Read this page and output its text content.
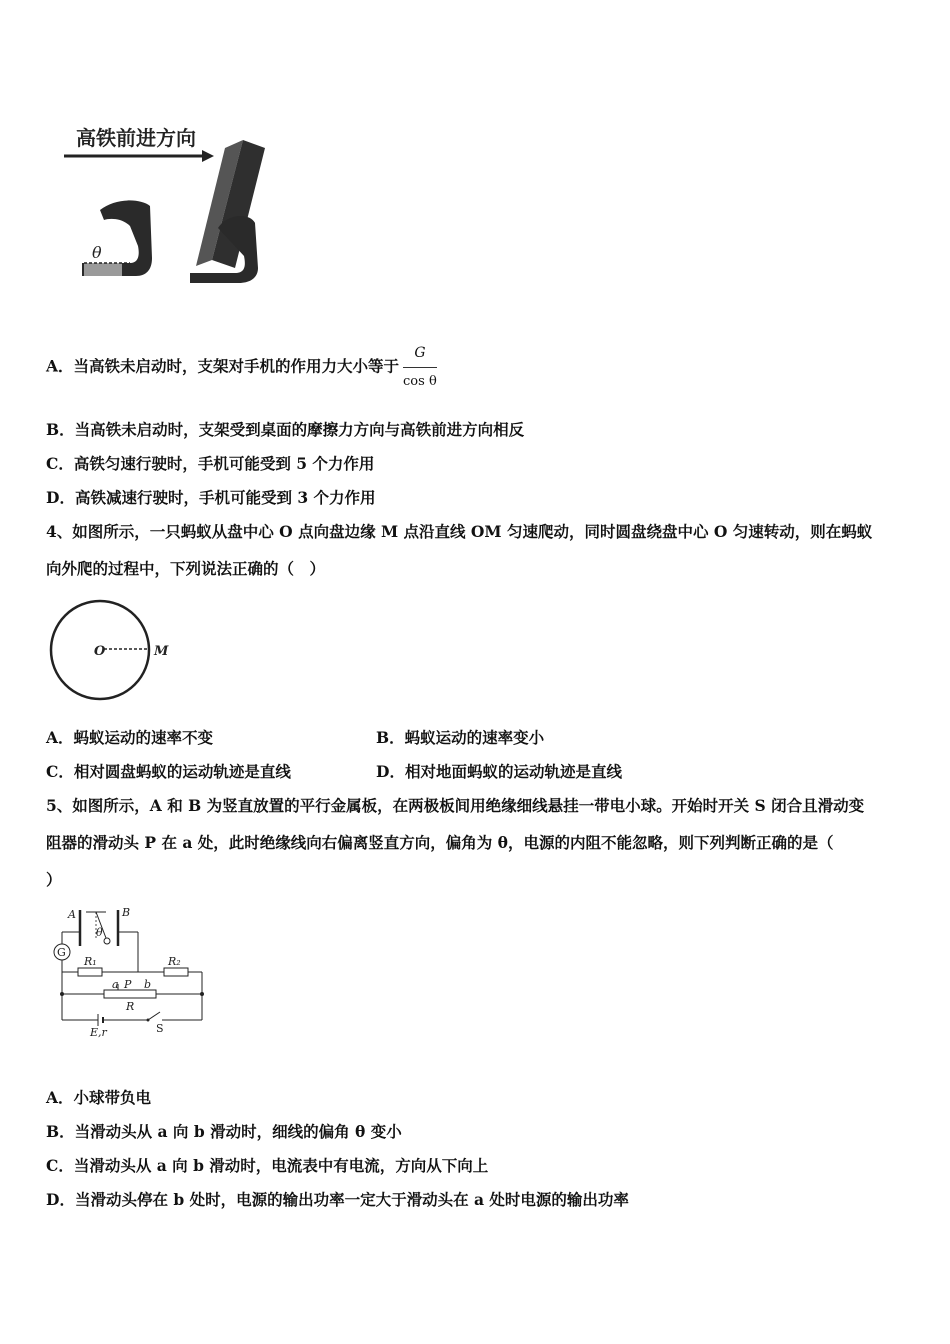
高铁前进方向
θ
A．当高铁未启动时，支架对手机的作用力大小等于 $\frac{G}{\text{cos θ}}$
B．当高铁未启动时，支架受到桌面的摩擦力方向与高铁前进方向相反
C．高铁匀速行驶时，手机可能受到 5 个力作用
D．高铁减速行驶时，手机可能受到 3 个力作用
4、如图所示，一只蚂蚁从盘中心 O 点向盘边缘 M 点沿直线 OM 匀速爬动，同时圆盘绕盘中心 O 匀速转动，则在蚂蚁
向外爬的过程中，下列说法正确的（　）
O	M
A．蚂蚁运动的速率不变	B．蚂蚁运动的速率变小
C．相对圆盘蚂蚁的运动轨迹是直线	D．相对地面蚂蚁的运动轨迹是直线
5、如图所示，A 和 B 为竖直放置的平行金属板，在两极板间用绝缘细线悬挂一带电小球。开始时开关 S 闭合且滑动变
阻器的滑动头 P 在 a 处，此时绝缘线向右偏离竖直方向，偏角为 θ，电源的内阻不能忽略，则下列判断正确的是（
）
A	B
θ
G
R₁	R₂
a P b
R
E,r	S
A．小球带负电
B．当滑动头从 a 向 b 滑动时，细线的偏角 θ 变小
C．当滑动头从 a 向 b 滑动时，电流表中有电流，方向从下向上
D．当滑动头停在 b 处时，电源的输出功率一定大于滑动头在 a 处时电源的输出功率
